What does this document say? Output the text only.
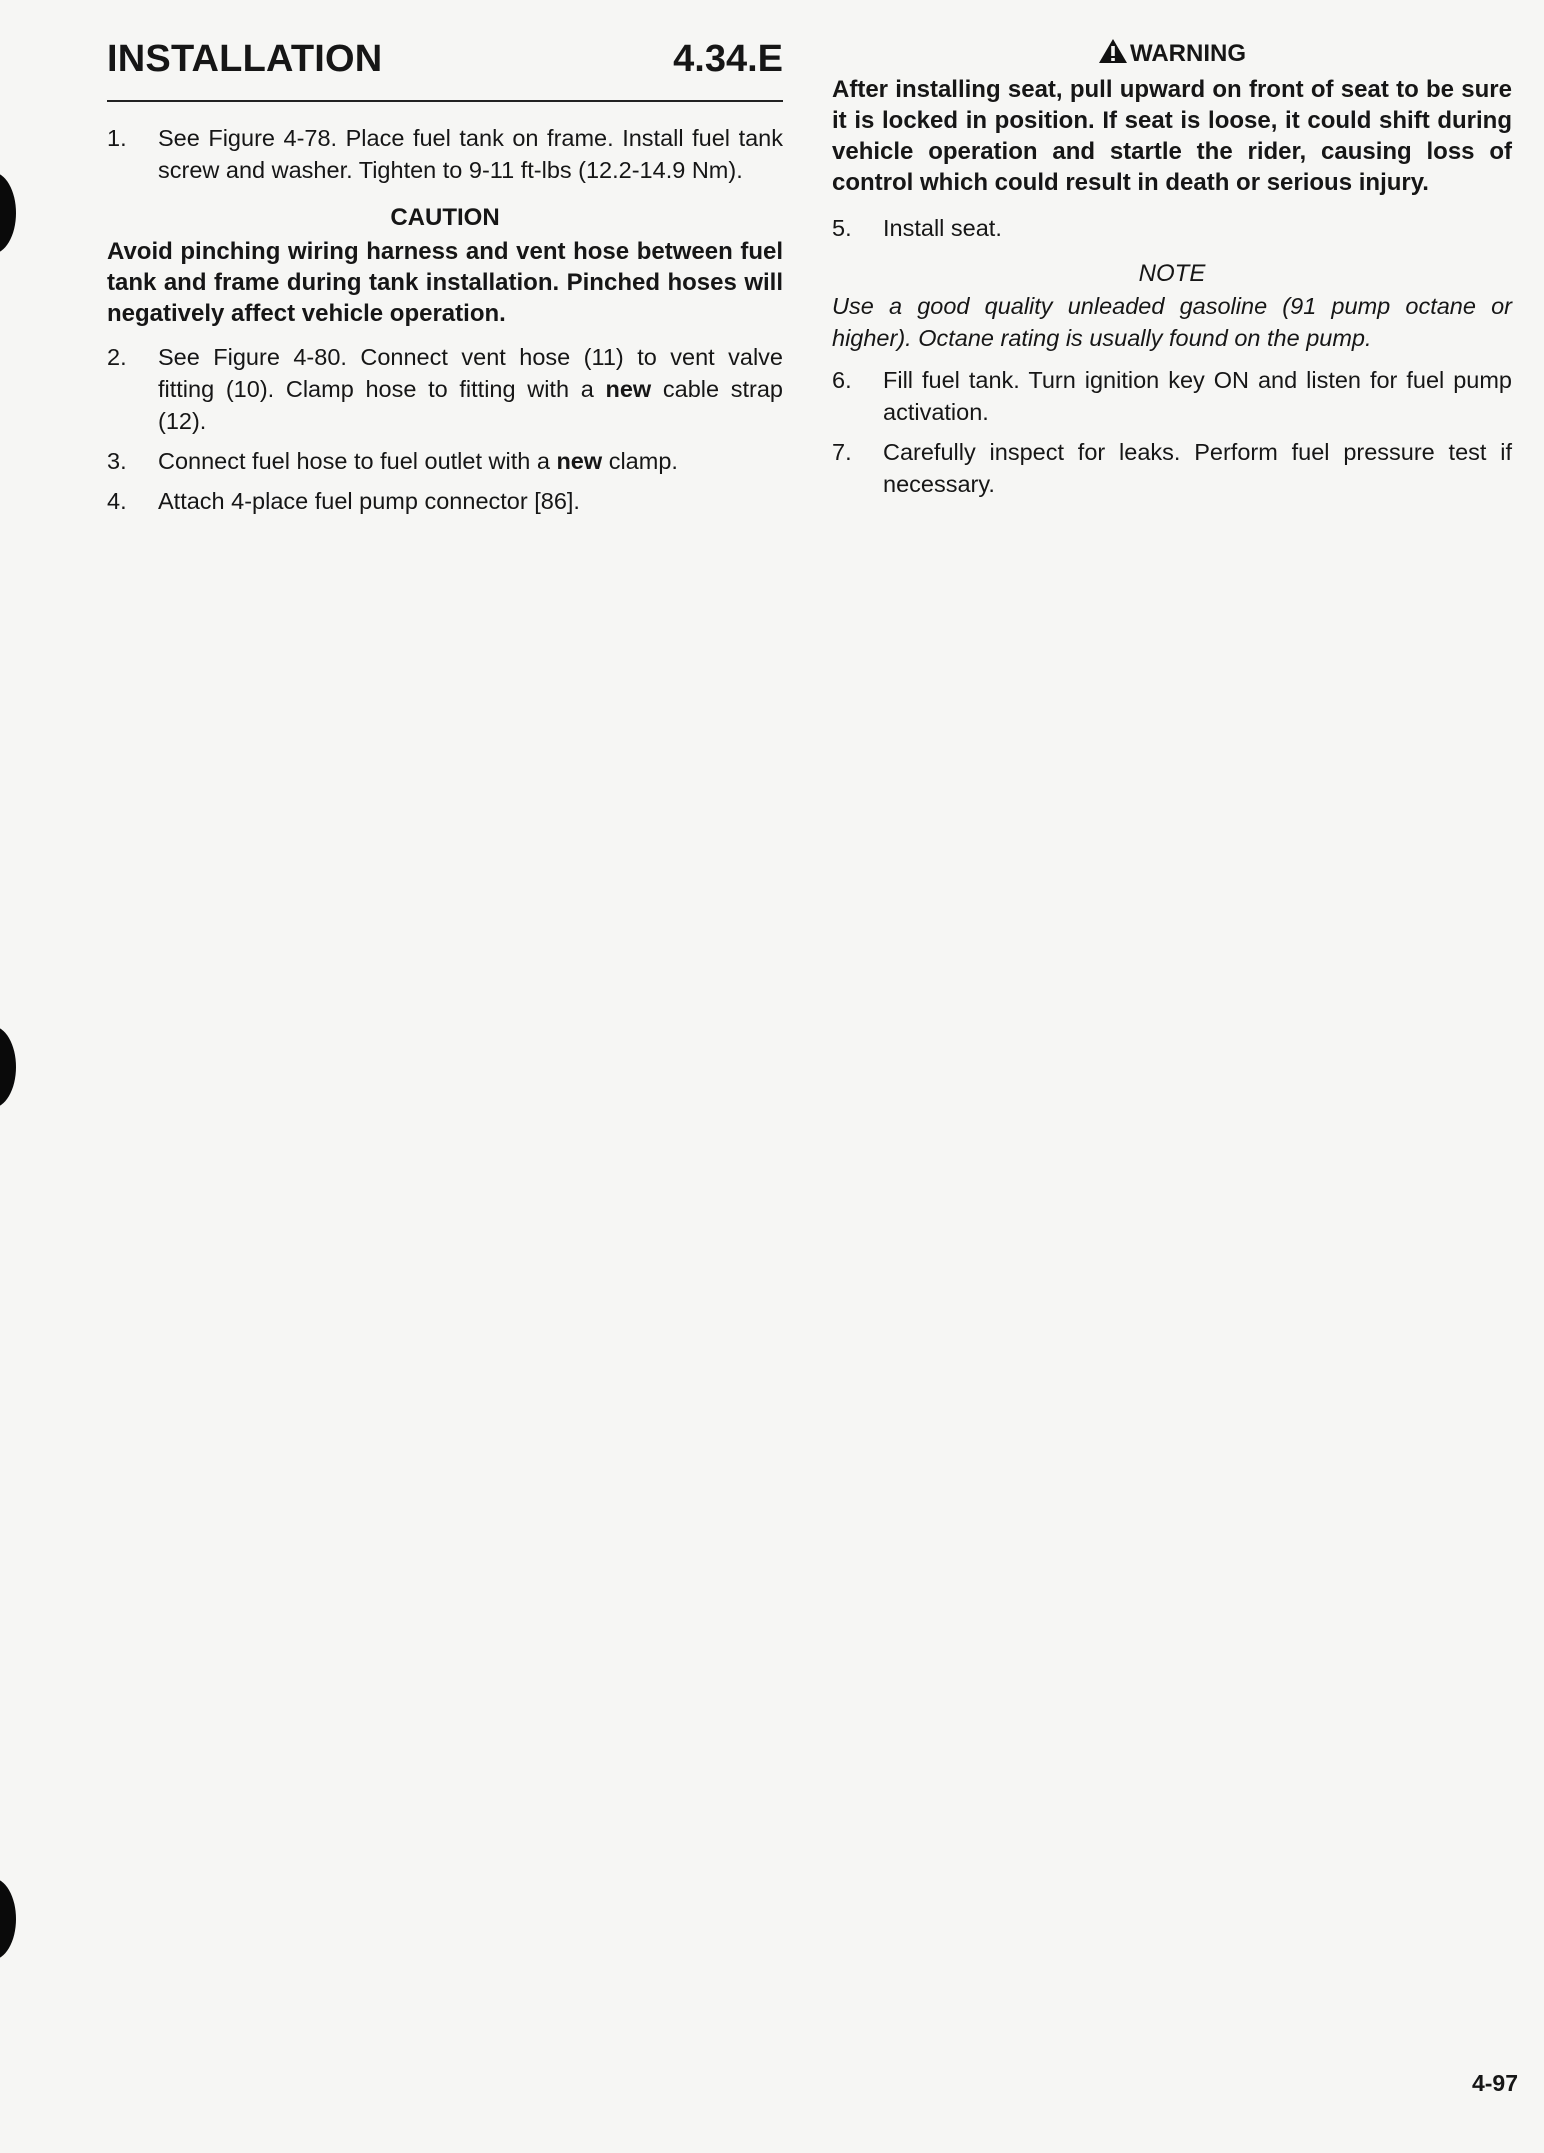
INSTALLATION	4.34.E
1. See Figure 4-78. Place fuel tank on frame. Install fuel tank screw and washer. Tighten to 9-11 ft-lbs (12.2-14.9 Nm).
CAUTION
Avoid pinching wiring harness and vent hose between fuel tank and frame during tank installation. Pinched hoses will negatively affect vehicle operation.
2. See Figure 4-80. Connect vent hose (11) to vent valve fitting (10). Clamp hose to fitting with a new cable strap (12).
3. Connect fuel hose to fuel outlet with a new clamp.
4. Attach 4-place fuel pump connector [86].
WARNING
After installing seat, pull upward on front of seat to be sure it is locked in position. If seat is loose, it could shift during vehicle operation and startle the rider, causing loss of control which could result in death or serious injury.
5. Install seat.
NOTE
Use a good quality unleaded gasoline (91 pump octane or higher). Octane rating is usually found on the pump.
6. Fill fuel tank. Turn ignition key ON and listen for fuel pump activation.
7. Carefully inspect for leaks. Perform fuel pressure test if necessary.
4-97
